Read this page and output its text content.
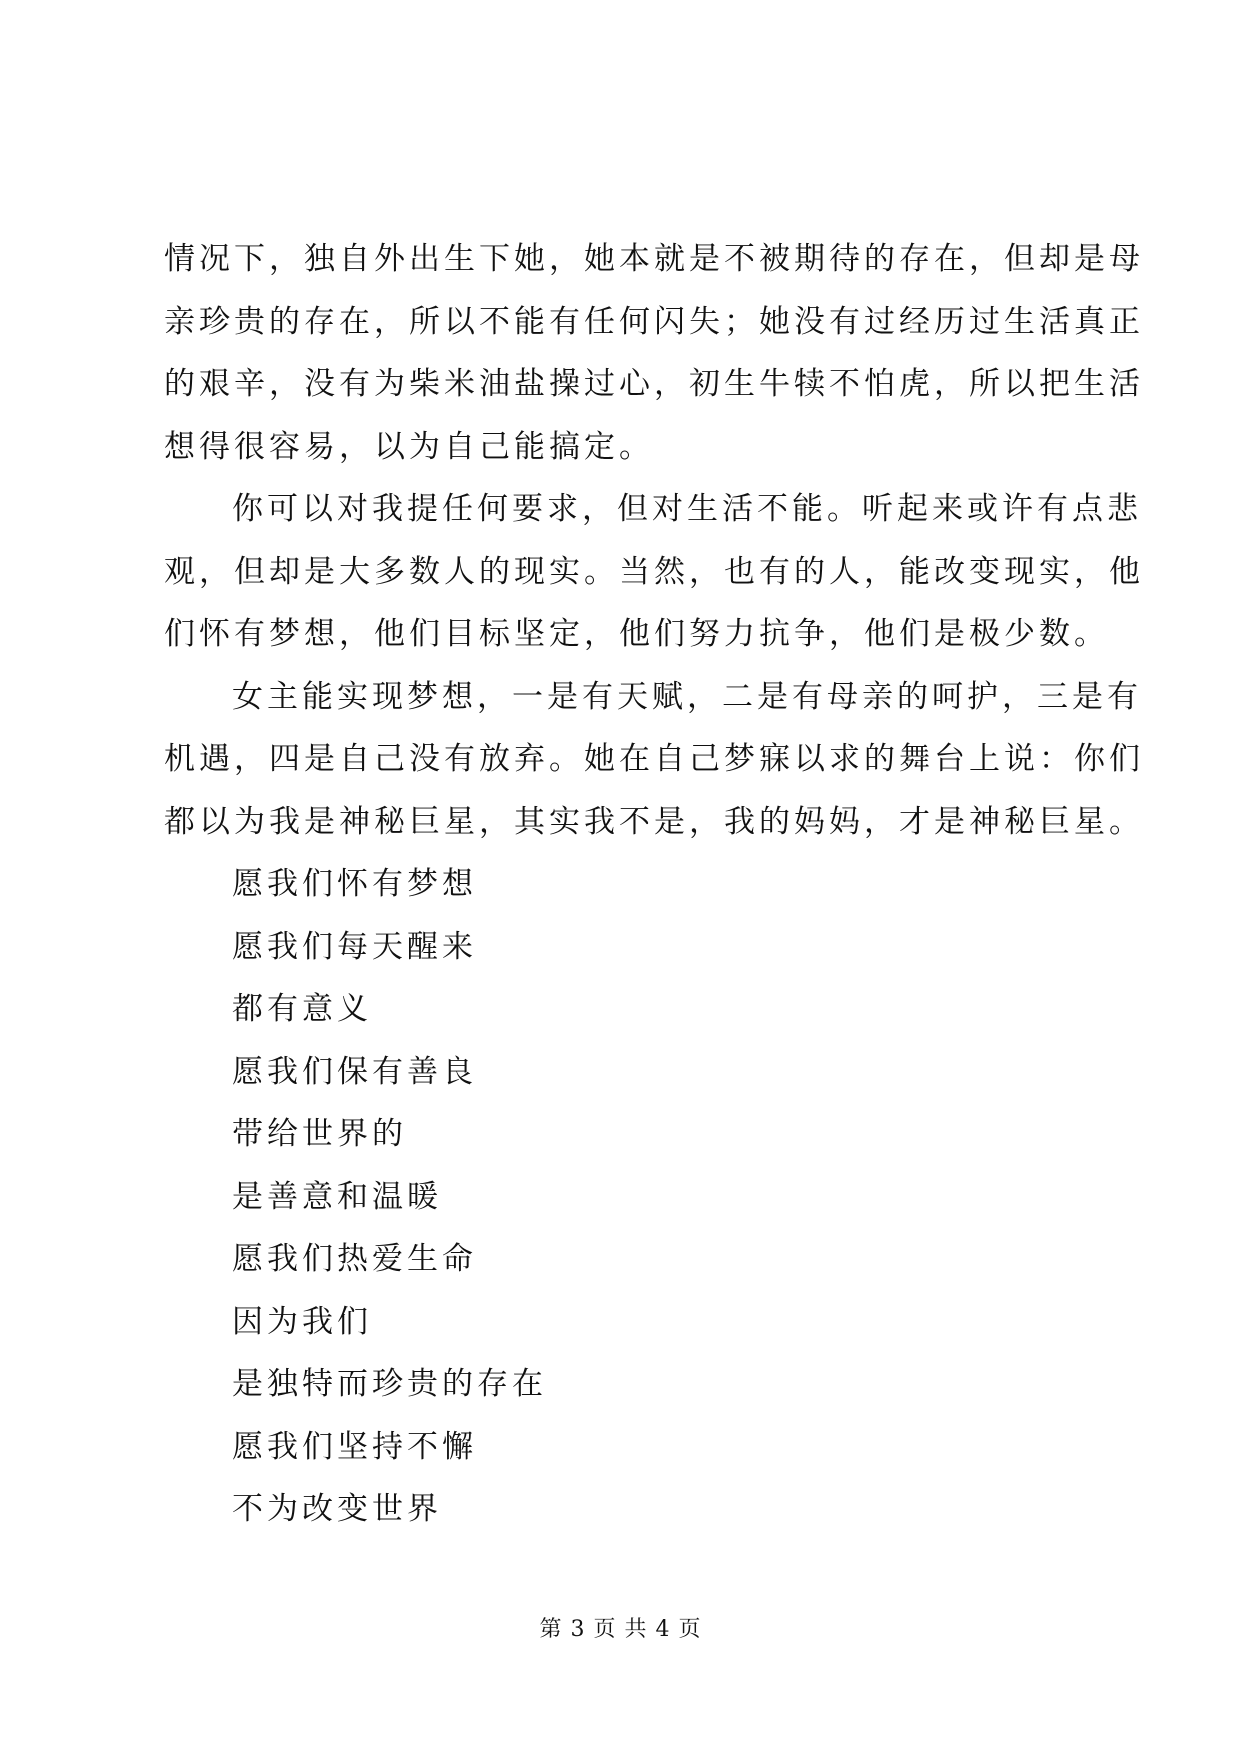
情况下，独自外出生下她，她本就是不被期待的存在，但却是母
亲珍贵的存在，所以不能有任何闪失；她没有过经历过生活真正
的艰辛，没有为柴米油盐操过心，初生牛犊不怕虎，所以把生活
想得很容易，以为自己能搞定。

你可以对我提任何要求，但对生活不能。听起来或许有点悲
观，但却是大多数人的现实。当然，也有的人，能改变现实，他
们怀有梦想，他们目标坚定，他们努力抗争，他们是极少数。

女主能实现梦想，一是有天赋，二是有母亲的呵护，三是有
机遇，四是自己没有放弃。她在自己梦寐以求的舞台上说：你们
都以为我是神秘巨星，其实我不是，我的妈妈，才是神秘巨星。

愿我们怀有梦想
愿我们每天醒来
都有意义
愿我们保有善良
带给世界的
是善意和温暖
愿我们热爱生命
因为我们
是独特而珍贵的存在
愿我们坚持不懈
不为改变世界
第 3 页 共 4 页
